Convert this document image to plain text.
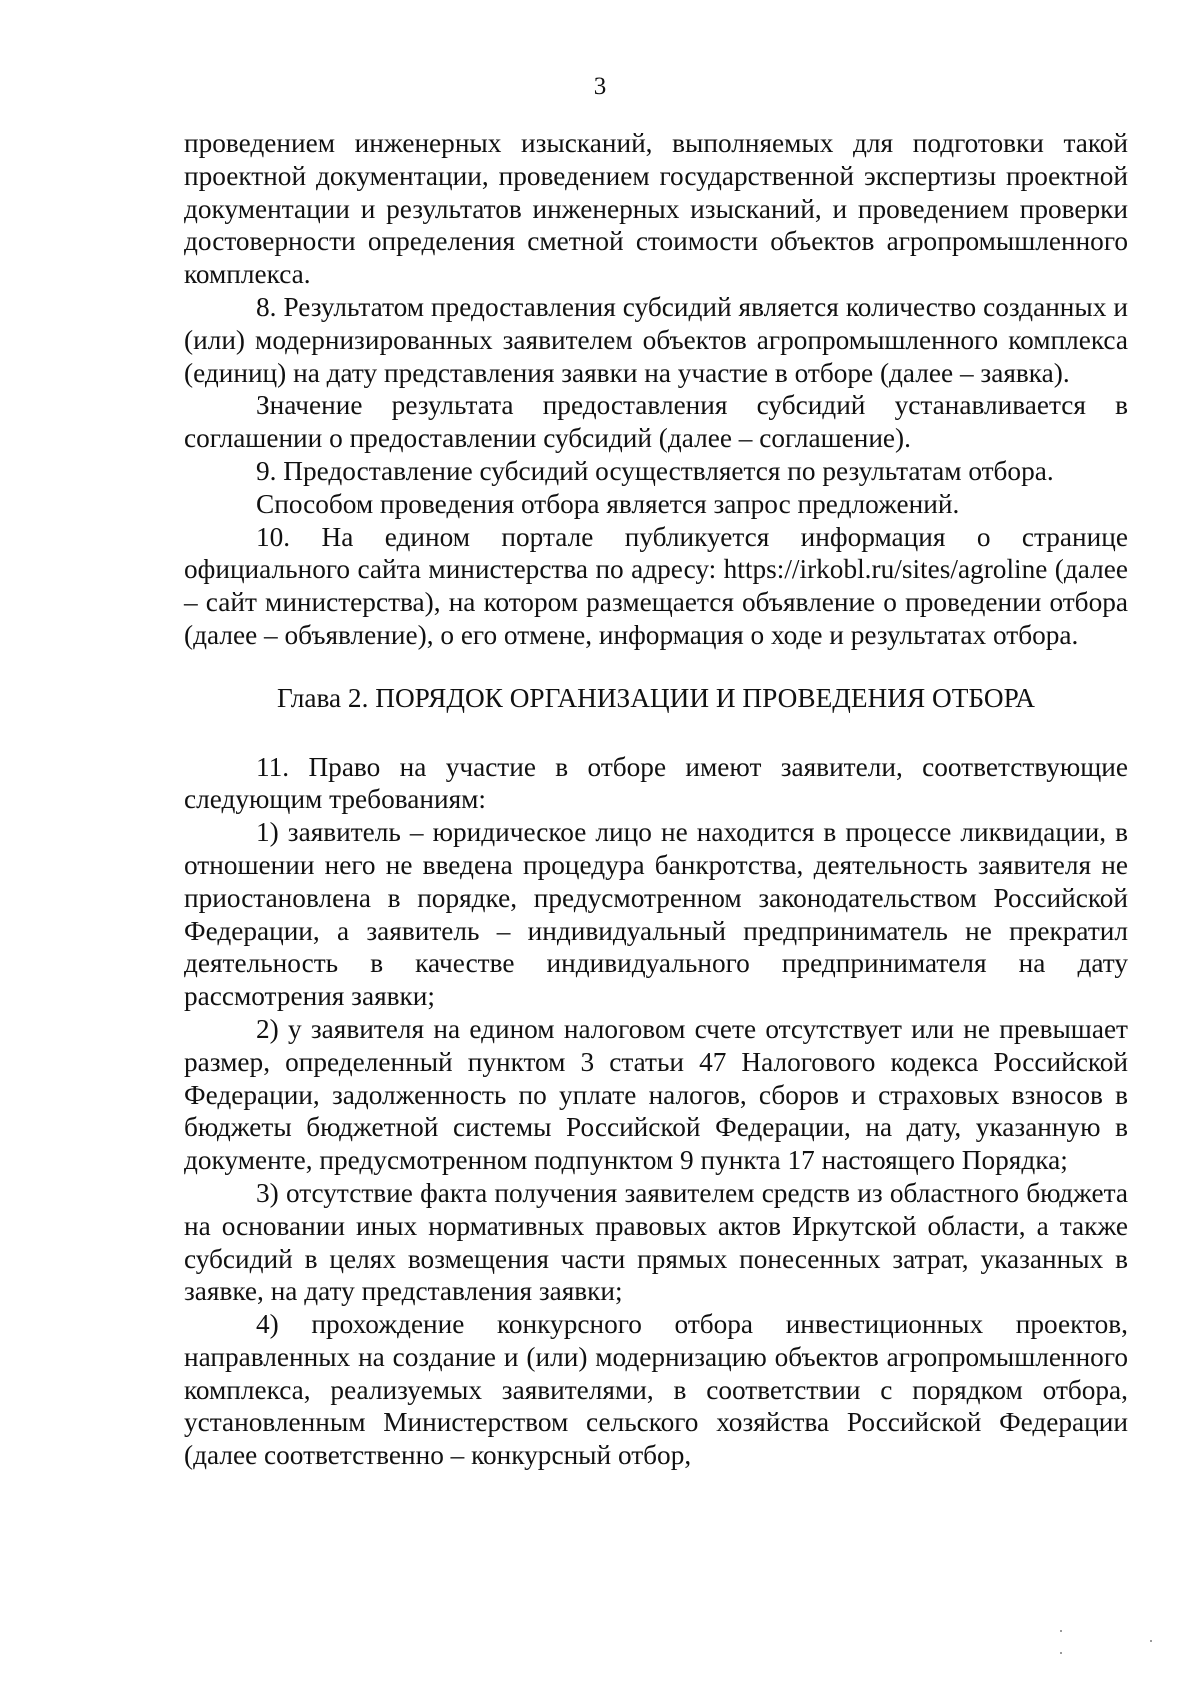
3

проведением инженерных изысканий, выполняемых для подготовки такой проектной документации, проведением государственной экспертизы проектной документации и результатов инженерных изысканий, и проведением проверки достоверности определения сметной стоимости объектов агропромышленного комплекса.

8. Результатом предоставления субсидий является количество созданных и (или) модернизированных заявителем объектов агропромышленного комплекса (единиц) на дату представления заявки на участие в отборе (далее – заявка).

Значение результата предоставления субсидий устанавливается в соглашении о предоставлении субсидий (далее – соглашение).

9. Предоставление субсидий осуществляется по результатам отбора.

Способом проведения отбора является запрос предложений.

10. На едином портале публикуется информация о странице официального сайта министерства по адресу: https://irkobl.ru/sites/agroline (далее – сайт министерства), на котором размещается объявление о проведении отбора (далее – объявление), о его отмене, информация о ходе и результатах отбора.

Глава 2. ПОРЯДОК ОРГАНИЗАЦИИ И ПРОВЕДЕНИЯ ОТБОРА

11. Право на участие в отборе имеют заявители, соответствующие следующим требованиям:

1) заявитель – юридическое лицо не находится в процессе ликвидации, в отношении него не введена процедура банкротства, деятельность заявителя не приостановлена в порядке, предусмотренном законодательством Российской Федерации, а заявитель – индивидуальный предприниматель не прекратил деятельность в качестве индивидуального предпринимателя на дату рассмотрения заявки;

2) у заявителя на едином налоговом счете отсутствует или не превышает размер, определенный пунктом 3 статьи 47 Налогового кодекса Российской Федерации, задолженность по уплате налогов, сборов и страховых взносов в бюджеты бюджетной системы Российской Федерации, на дату, указанную в документе, предусмотренном подпунктом 9 пункта 17 настоящего Порядка;

3) отсутствие факта получения заявителем средств из областного бюджета на основании иных нормативных правовых актов Иркутской области, а также субсидий в целях возмещения части прямых понесенных затрат, указанных в заявке, на дату представления заявки;

4) прохождение конкурсного отбора инвестиционных проектов, направленных на создание и (или) модернизацию объектов агропромышленного комплекса, реализуемых заявителями, в соответствии с порядком отбора, установленным Министерством сельского хозяйства Российской Федерации (далее соответственно – конкурсный отбор,
